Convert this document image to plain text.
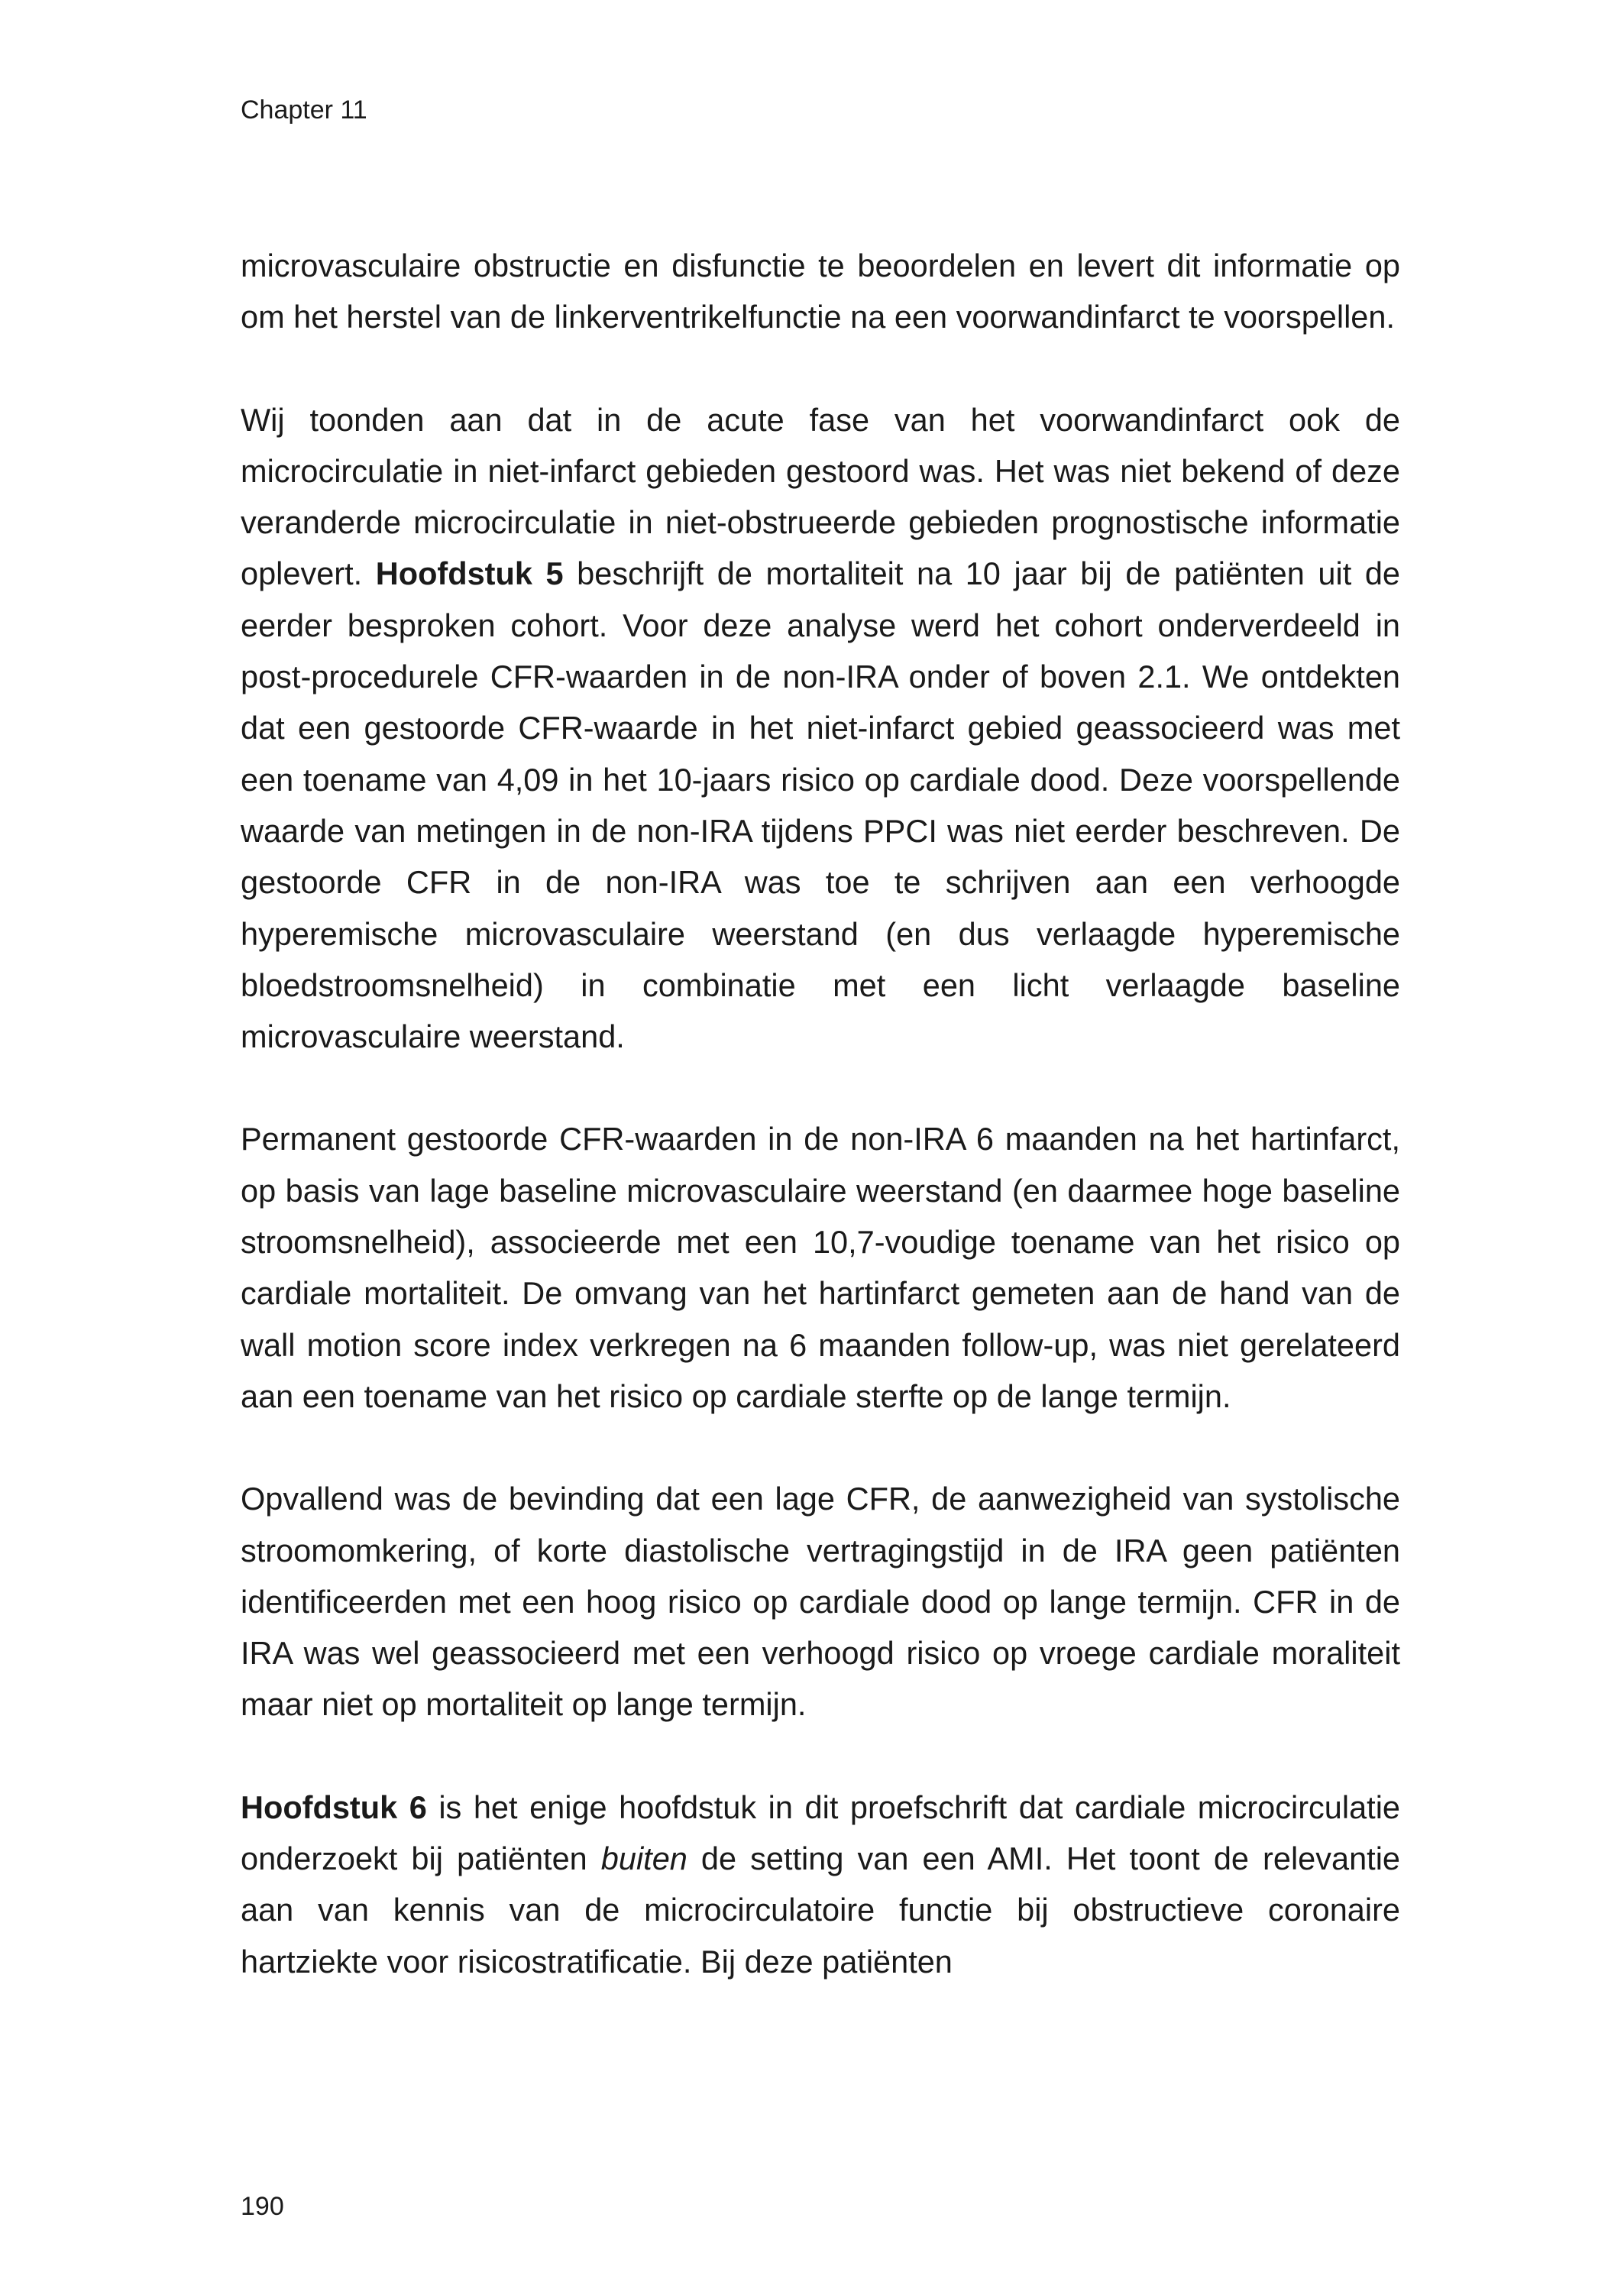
Chapter 11

microvasculaire obstructie en disfunctie te beoordelen en levert dit informatie op om het herstel van de linkerventrikelfunctie na een voorwandinfarct te voorspellen.

Wij toonden aan dat in de acute fase van het voorwandinfarct ook de microcirculatie in niet-infarct gebieden gestoord was. Het was niet bekend of deze veranderde microcirculatie in niet-obstrueerde gebieden prognostische informatie oplevert. Hoofdstuk 5 beschrijft de mortaliteit na 10 jaar bij de patiënten uit de eerder besproken cohort. Voor deze analyse werd het cohort onderverdeeld in post-procedurele CFR-waarden in de non-IRA onder of boven 2.1. We ontdekten dat een gestoorde CFR-waarde in het niet-infarct gebied geassocieerd was met een toename van 4,09 in het 10-jaars risico op cardiale dood. Deze voorspellende waarde van metingen in de non-IRA tijdens PPCI was niet eerder beschreven. De gestoorde CFR in de non-IRA was toe te schrijven aan een verhoogde hyperemische microvasculaire weerstand (en dus verlaagde hyperemische bloedstroomsnelheid) in combinatie met een licht verlaagde baseline microvasculaire weerstand.

Permanent gestoorde CFR-waarden in de non-IRA 6 maanden na het hartinfarct, op basis van lage baseline microvasculaire weerstand (en daarmee hoge baseline stroomsnelheid), associeerde met een 10,7-voudige toename van het risico op cardiale mortaliteit. De omvang van het hartinfarct gemeten aan de hand van de wall motion score index verkregen na 6 maanden follow-up, was niet gerelateerd aan een toename van het risico op cardiale sterfte op de lange termijn.

Opvallend was de bevinding dat een lage CFR, de aanwezigheid van systolische stroomomkering, of korte diastolische vertragingstijd in de IRA geen patiënten identificeerden met een hoog risico op cardiale dood op lange termijn. CFR in de IRA was wel geassocieerd met een verhoogd risico op vroege cardiale moraliteit maar niet op mortaliteit op lange termijn.

Hoofdstuk 6 is het enige hoofdstuk in dit proefschrift dat cardiale microcirculatie onderzoekt bij patiënten buiten de setting van een AMI. Het toont de relevantie aan van kennis van de microcirculatoire functie bij obstructieve coronaire hartziekte voor risicostratificatie. Bij deze patiënten

190
